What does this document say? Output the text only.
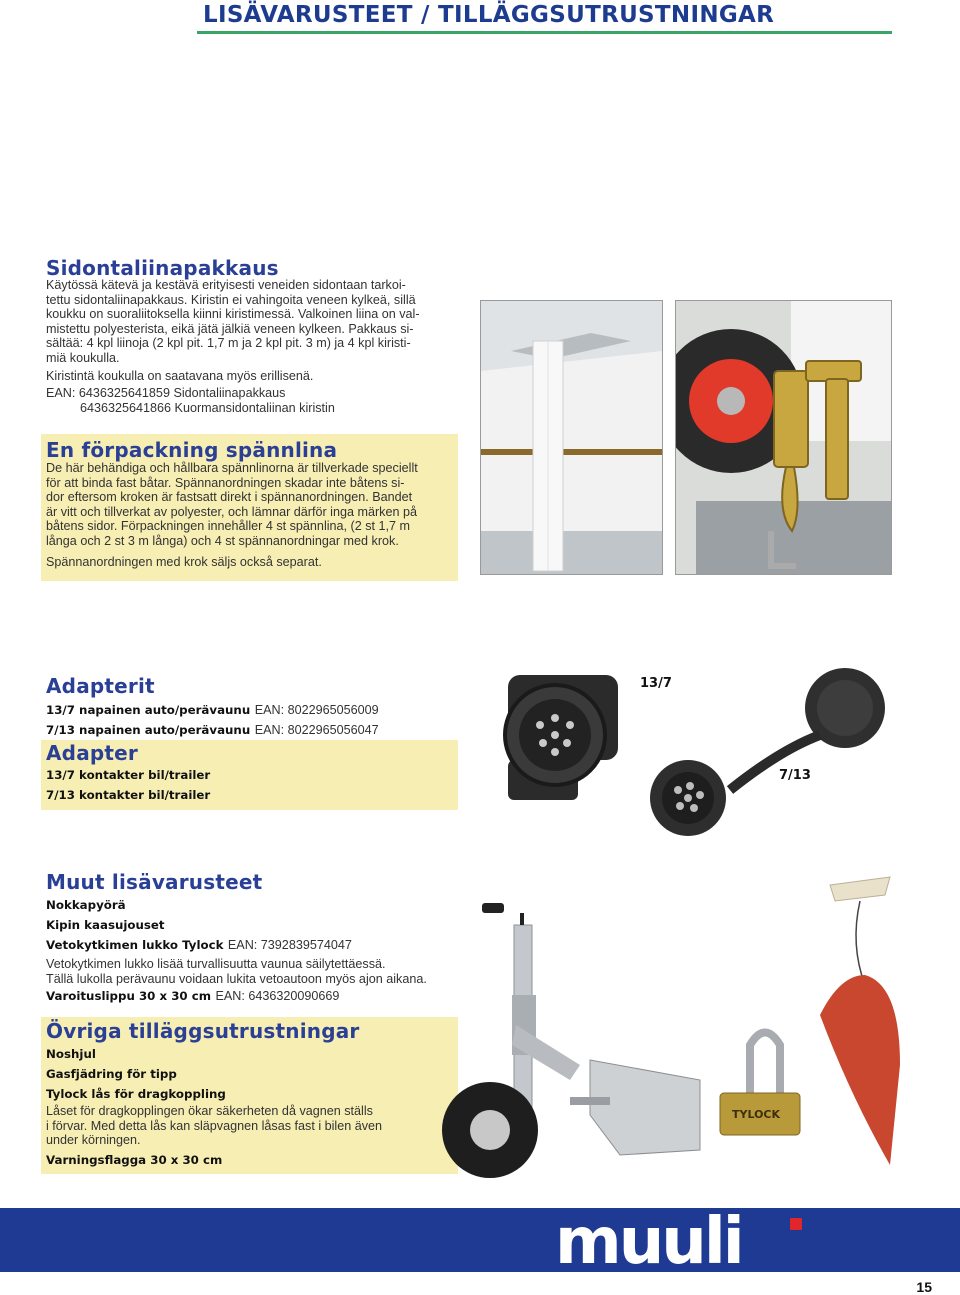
LISÄVARUSTEET / TILLÄGGSUTRUSTNINGAR
Sidontaliinapakkaus
Käytössä kätevä ja kestävä erityisesti veneiden sidontaan tarkoi-
tettu sidontaliinapakkaus. Kiristin ei vahingoita veneen kylkeä, sillä
koukku on suoraliitoksella kiinni kiristimessä. Valkoinen liina on val-
mistettu polyesterista, eikä jätä jälkiä veneen kylkeen. Pakkaus si-
sältää: 4 kpl liinoja (2 kpl pit. 1,7 m ja 2 kpl pit. 3 m) ja 4 kpl kiristi-
miä koukulla.
Kiristintä koukulla on saatavana myös erillisenä.
EAN: 6436325641859 Sidontaliinapakkaus
6436325641866 Kuormansidontaliinan kiristin
En förpackning spännlina
De här behändiga och hållbara spännlinorna är tillverkade speciellt
för att binda fast båtar. Spännanordningen skadar inte båtens si-
dor eftersom kroken är fastsatt direkt i spännanordningen. Bandet
är vitt och tillverkat av polyester, och lämnar därför inga märken på
båtens sidor. Förpackningen innehåller 4 st spännlina, (2 st 1,7 m
långa och 2 st 3 m långa) och 4 st spännanordningar med krok.
Spännanordningen med krok säljs också separat.
Adapterit
13/7 napainen auto/perävaunu EAN: 8022965056009
7/13 napainen auto/perävaunu EAN: 8022965056047
Adapter
13/7 kontakter bil/trailer
7/13 kontakter bil/trailer
13/7
7/13
Muut lisävarusteet
Nokkapyörä
Kipin kaasujouset
Vetokytkimen lukko Tylock EAN: 7392839574047
Vetokytkimen lukko lisää turvallisuutta vaunua säilytettäessä.
Tällä lukolla perävaunu voidaan lukita vetoautoon myös ajon aikana.
Varoituslippu 30 x 30 cm EAN: 6436320090669
Övriga tilläggsutrustningar
Noshjul
Gasfjädring för tipp
Tylock lås för dragkoppling
Låset för dragkopplingen ökar säkerheten då vagnen ställs
i förvar. Med detta lås kan släpvagnen låsas fast i bilen även
under körningen.
Varningsflagga 30 x 30 cm
TYLOCK
muuli
15
